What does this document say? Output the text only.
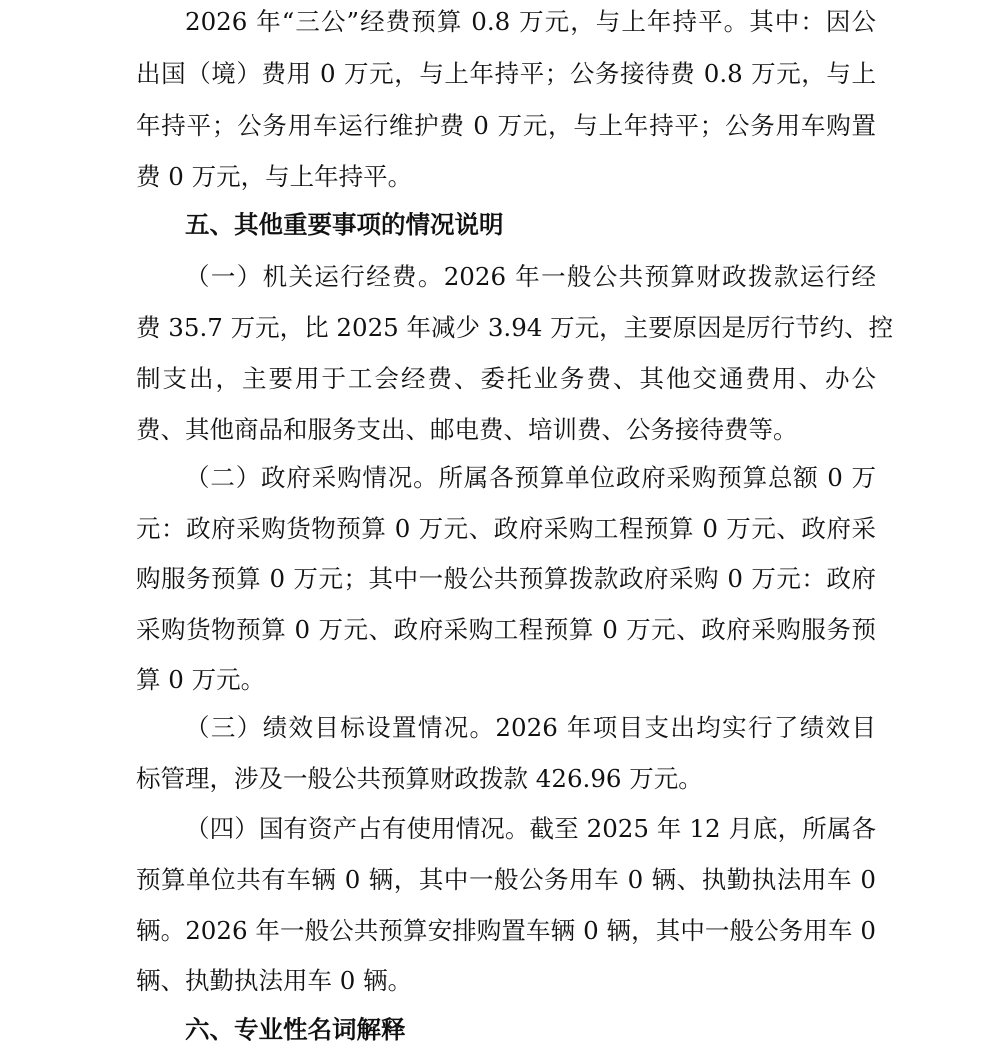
2026 年“三公”经费预算 0.8 万元，与上年持平。其中：因公
出国（境）费用 0 万元，与上年持平；公务接待费 0.8 万元，与上
年持平；公务用车运行维护费 0 万元，与上年持平；公务用车购置
费 0 万元，与上年持平。
五、其他重要事项的情况说明
（一）机关运行经费。2026 年一般公共预算财政拨款运行经
费 35.7 万元，比 2025 年减少 3.94 万元，主要原因是厉行节约、控
制支出，主要用于工会经费、委托业务费、其他交通费用、办公
费、其他商品和服务支出、邮电费、培训费、公务接待费等。
（二）政府采购情况。所属各预算单位政府采购预算总额 0 万
元：政府采购货物预算 0 万元、政府采购工程预算 0 万元、政府采
购服务预算 0 万元；其中一般公共预算拨款政府采购 0 万元：政府
采购货物预算 0 万元、政府采购工程预算 0 万元、政府采购服务预
算 0 万元。
（三）绩效目标设置情况。2026 年项目支出均实行了绩效目
标管理，涉及一般公共预算财政拨款 426.96 万元。
（四）国有资产占有使用情况。截至 2025 年 12 月底，所属各
预算单位共有车辆 0 辆，其中一般公务用车 0 辆、执勤执法用车 0
辆。2026 年一般公共预算安排购置车辆 0 辆，其中一般公务用车 0
辆、执勤执法用车 0 辆。
六、专业性名词解释
